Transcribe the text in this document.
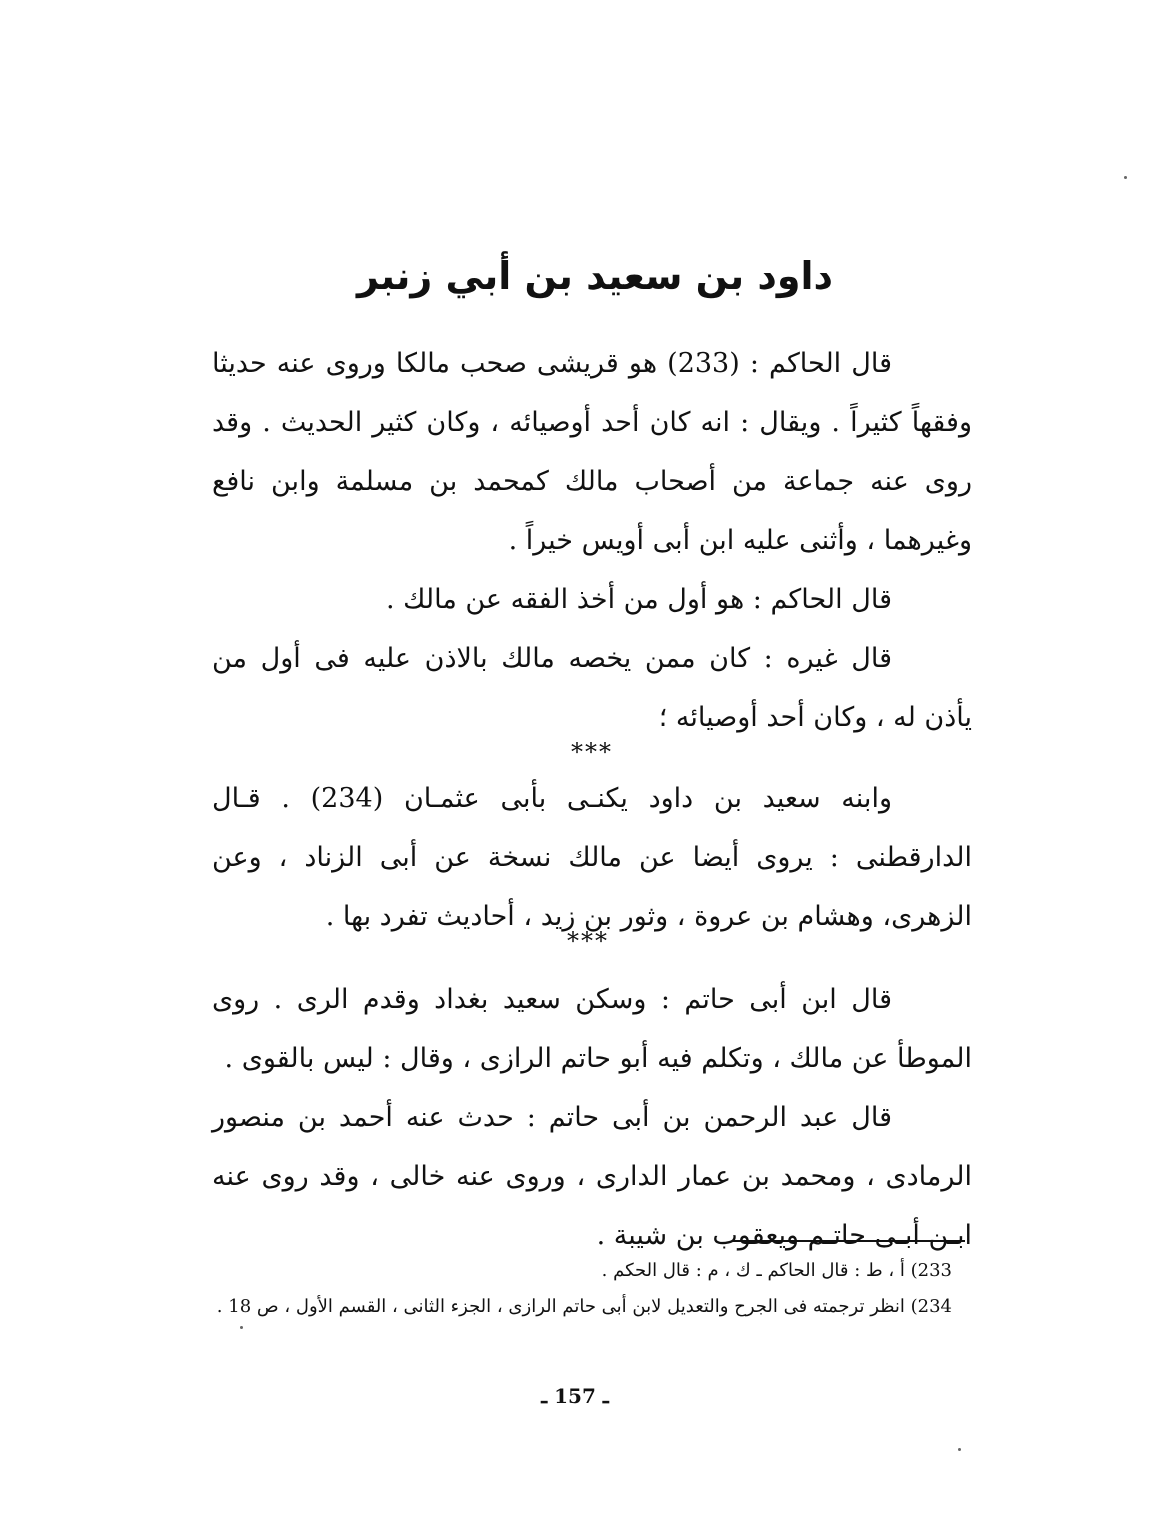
داود بن سعيد بن أبي زنبر

قال الحاكم : (233) هو قريشى صحب مالكا وروى عنه حديثا وفقهاً كثيراً . ويقال : انه كان أحد أوصيائه ، وكان كثير الحديث . وقد روى عنه جماعة من أصحاب مالك كمحمد بن مسلمة وابن نافع وغيرهما ، وأثنى عليه ابن أبى أويس خيراً .

قال الحاكم : هو أول من أخذ الفقه عن مالك .

قال غيره : كان ممن يخصه مالك بالاذن عليه فى أول من يأذن له ، وكان أحد أوصيائه ؛

***

وابنه سعيد بن داود يكنـى بأبى عثمـان (234) . قـال الدارقطنى : يروى أيضا عن مالك نسخة عن أبى الزناد ، وعن الزهرى، وهشام بن عروة ، وثور بن زيد ، أحاديث تفرد بها .

***

قال ابن أبى حاتم : وسكن سعيد بغداد وقدم الرى . روى الموطأ عن مالك ، وتكلم فيه أبو حاتم الرازى ، وقال : ليس بالقوى .

قال عبد الرحمن بن أبى حاتم : حدث عنه أحمد بن منصور الرمادى ، ومحمد بن عمار الدارى ، وروى عنه خالى ، وقد روى عنه ابـن أبـى حاتـم ويعقوب بن شيبة .

233) أ ، ط : قال الحاكم ـ ك ، م : قال الحكم .

234) انظر ترجمته فى الجرح والتعديل لابن أبى حاتم الرازى ، الجزء الثانى ، القسم الأول ، ص 18 .

ـ 157 ـ
